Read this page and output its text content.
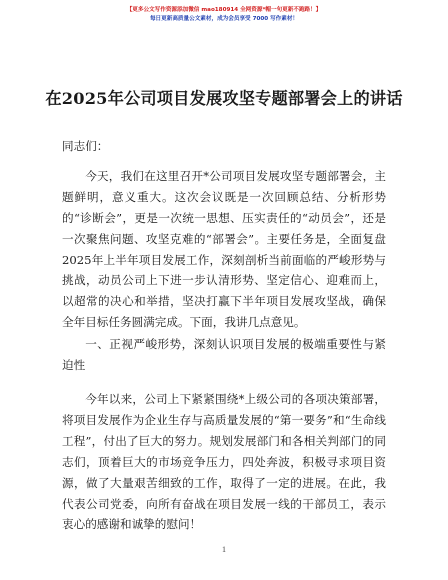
【更多公文写作资源添加微信 mao180914 全网资源*帽一句更新不跑路！】
每日更新高质量公文素材，成为会员享受 7000 写作素材！
在2025年公司项目发展攻坚专题部署会上的讲话

同志们：

今天，我们在这里召开*公司项目发展攻坚专题部署会，主题鲜明，意义重大。这次会议既是一次回顾总结、分析形势的“诊断会”，更是一次统一思想、压实责任的“动员会”，还是一次聚焦问题、攻坚克难的“部署会”。主要任务是，全面复盘2025年上半年项目发展工作，深刻剖析当前面临的严峻形势与挑战，动员公司上下进一步认清形势、坚定信心、迎难而上，以超常的决心和举措，坚决打赢下半年项目发展攻坚战，确保全年目标任务圆满完成。下面，我讲几点意见。

一、正视严峻形势，深刻认识项目发展的极端重要性与紧迫性

今年以来，公司上下紧紧围绕*上级公司的各项决策部署，将项目发展作为企业生存与高质量发展的“第一要务”和“生命线工程”，付出了巨大的努力。规划发展部门和各相关判部门的同志们，顶着巨大的市场竞争压力，四处奔波，积极寻求项目资源，做了大量艰苦细致的工作，取得了一定的进展。在此，我代表公司党委，向所有奋战在项目发展一线的干部员工，表示衷心的感谢和诚挚的慰问！

1
